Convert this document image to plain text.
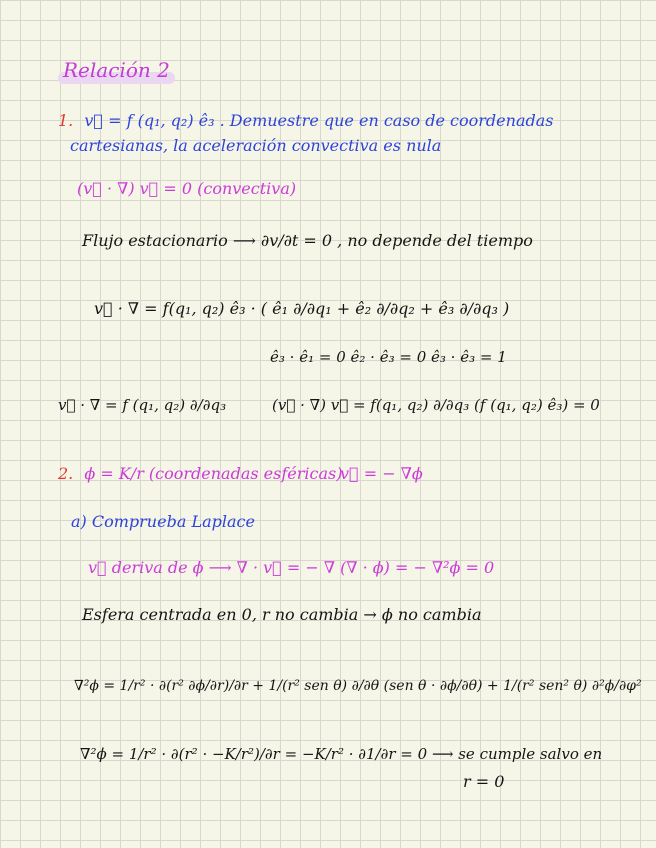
Relación 2
1. v⃗ = f (q₁, q₂) ê₃ . Demuestre que en caso de coordenadas
cartesianas, la aceleración convectiva es nula
(v⃗ · ∇) v⃗ = 0 (convectiva)
Flujo estacionario ⟶ ∂v/∂t = 0 , no depende del tiempo
v⃗ · ∇ = f(q₁, q₂) ê₃ · ( ê₁ ∂/∂q₁ + ê₂ ∂/∂q₂ + ê₃ ∂/∂q₃ )
ê₃ · ê₁ = 0 ê₂ · ê₃ = 0 ê₃ · ê₃ = 1
v⃗ · ∇ = f (q₁, q₂) ∂/∂q₃	(v⃗ · ∇) v⃗ = f(q₁, q₂) ∂/∂q₃ (f (q₁, q₂) ê₃) = 0
2. ϕ = K/r (coordenadas esféricas)
v⃗ = − ∇ϕ
a) Comprueba Laplace
v⃗ deriva de ϕ ⟶ ∇ · v⃗ = − ∇ (∇ · ϕ) = − ∇²ϕ = 0
Esfera centrada en 0, r no cambia → ϕ no cambia
∇²ϕ = 1/r² · ∂(r² ∂ϕ/∂r)/∂r + 1/(r² sen θ) ∂/∂θ (sen θ · ∂ϕ/∂θ) + 1/(r² sen² θ) ∂²ϕ/∂φ²
∇²ϕ = 1/r² · ∂(r² · −K/r²)/∂r = −K/r² · ∂1/∂r = 0 ⟶ se cumple salvo en
r = 0
